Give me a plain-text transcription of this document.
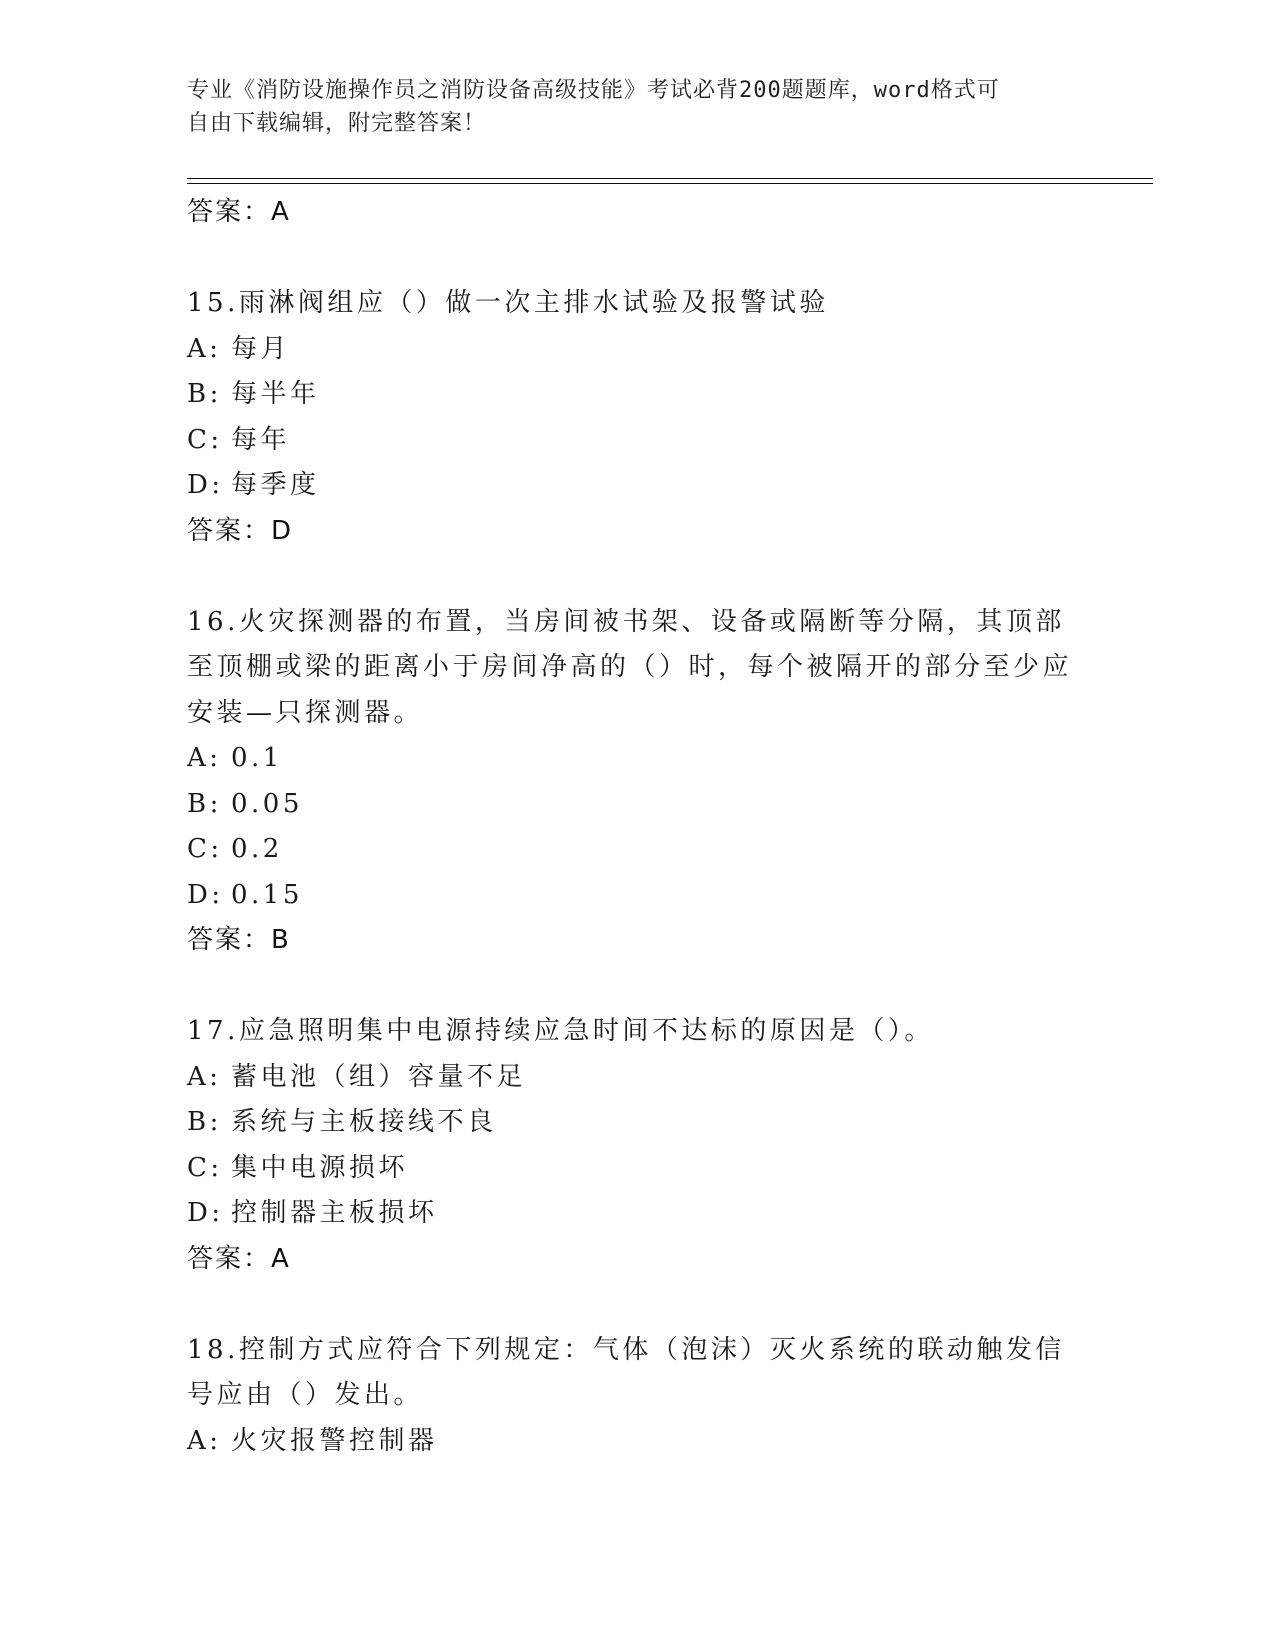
专业《消防设施操作员之消防设备高级技能》考试必背200题题库，word格式可
自由下载编辑，附完整答案！
答案：A
15.雨淋阀组应（）做一次主排水试验及报警试验
A: 每月
B: 每半年
C: 每年
D: 每季度
答案：D
16.火灾探测器的布置，当房间被书架、设备或隔断等分隔，其顶部至顶棚或梁的距离小于房间净高的（）时，每个被隔开的部分至少应安装—只探测器。
A: 0.1
B: 0.05
C: 0.2
D: 0.15
答案：B
17.应急照明集中电源持续应急时间不达标的原因是（）。
A: 蓄电池（组）容量不足
B: 系统与主板接线不良
C: 集中电源损坏
D: 控制器主板损坏
答案：A
18.控制方式应符合下列规定：气体（泡沫）灭火系统的联动触发信号应由（）发出。
A: 火灾报警控制器
